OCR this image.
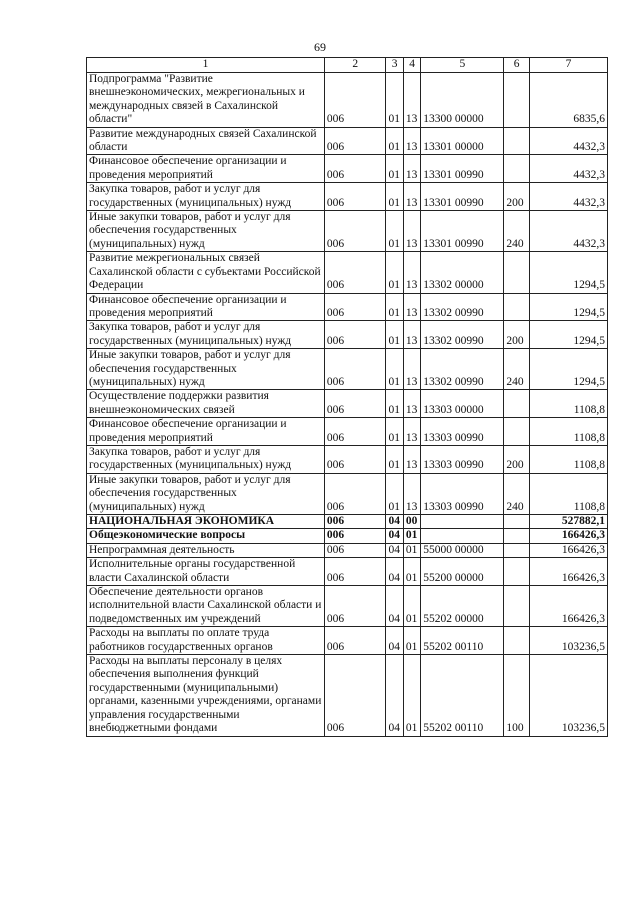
69
1	2	3	4	5	6	7
Подпрограмма "Развитие внешнеэкономических, межрегиональных и международных связей в Сахалинской области"	006	01	13	13300 00000		6835,6
Развитие международных связей Сахалинской области	006	01	13	13301 00000		4432,3
Финансовое обеспечение организации и проведения мероприятий	006	01	13	13301 00990		4432,3
Закупка товаров, работ и услуг для государственных (муниципальных) нужд	006	01	13	13301 00990	200	4432,3
Иные закупки товаров, работ и услуг для обеспечения государственных (муниципальных) нужд	006	01	13	13301 00990	240	4432,3
Развитие межрегиональных связей Сахалинской области с субъектами Российской Федерации	006	01	13	13302 00000		1294,5
Финансовое обеспечение организации и проведения мероприятий	006	01	13	13302 00990		1294,5
Закупка товаров, работ и услуг для государственных (муниципальных) нужд	006	01	13	13302 00990	200	1294,5
Иные закупки товаров, работ и услуг для обеспечения государственных (муниципальных) нужд	006	01	13	13302 00990	240	1294,5
Осуществление поддержки развития внешнеэкономических связей	006	01	13	13303 00000		1108,8
Финансовое обеспечение организации и проведения мероприятий	006	01	13	13303 00990		1108,8
Закупка товаров, работ и услуг для государственных (муниципальных) нужд	006	01	13	13303 00990	200	1108,8
Иные закупки товаров, работ и услуг для обеспечения государственных (муниципальных) нужд	006	01	13	13303 00990	240	1108,8
НАЦИОНАЛЬНАЯ ЭКОНОМИКА	006	04	00			527882,1
Общеэкономические вопросы	006	04	01			166426,3
Непрограммная деятельность	006	04	01	55000 00000		166426,3
Исполнительные органы государственной власти Сахалинской области	006	04	01	55200 00000		166426,3
Обеспечение деятельности органов исполнительной власти Сахалинской области и подведомственных им учреждений	006	04	01	55202 00000		166426,3
Расходы на выплаты по оплате труда работников государственных органов	006	04	01	55202 00110		103236,5
Расходы на выплаты персоналу в целях обеспечения выполнения функций государственными (муниципальными) органами, казенными учреждениями, органами управления государственными внебюджетными фондами	006	04	01	55202 00110	100	103236,5
